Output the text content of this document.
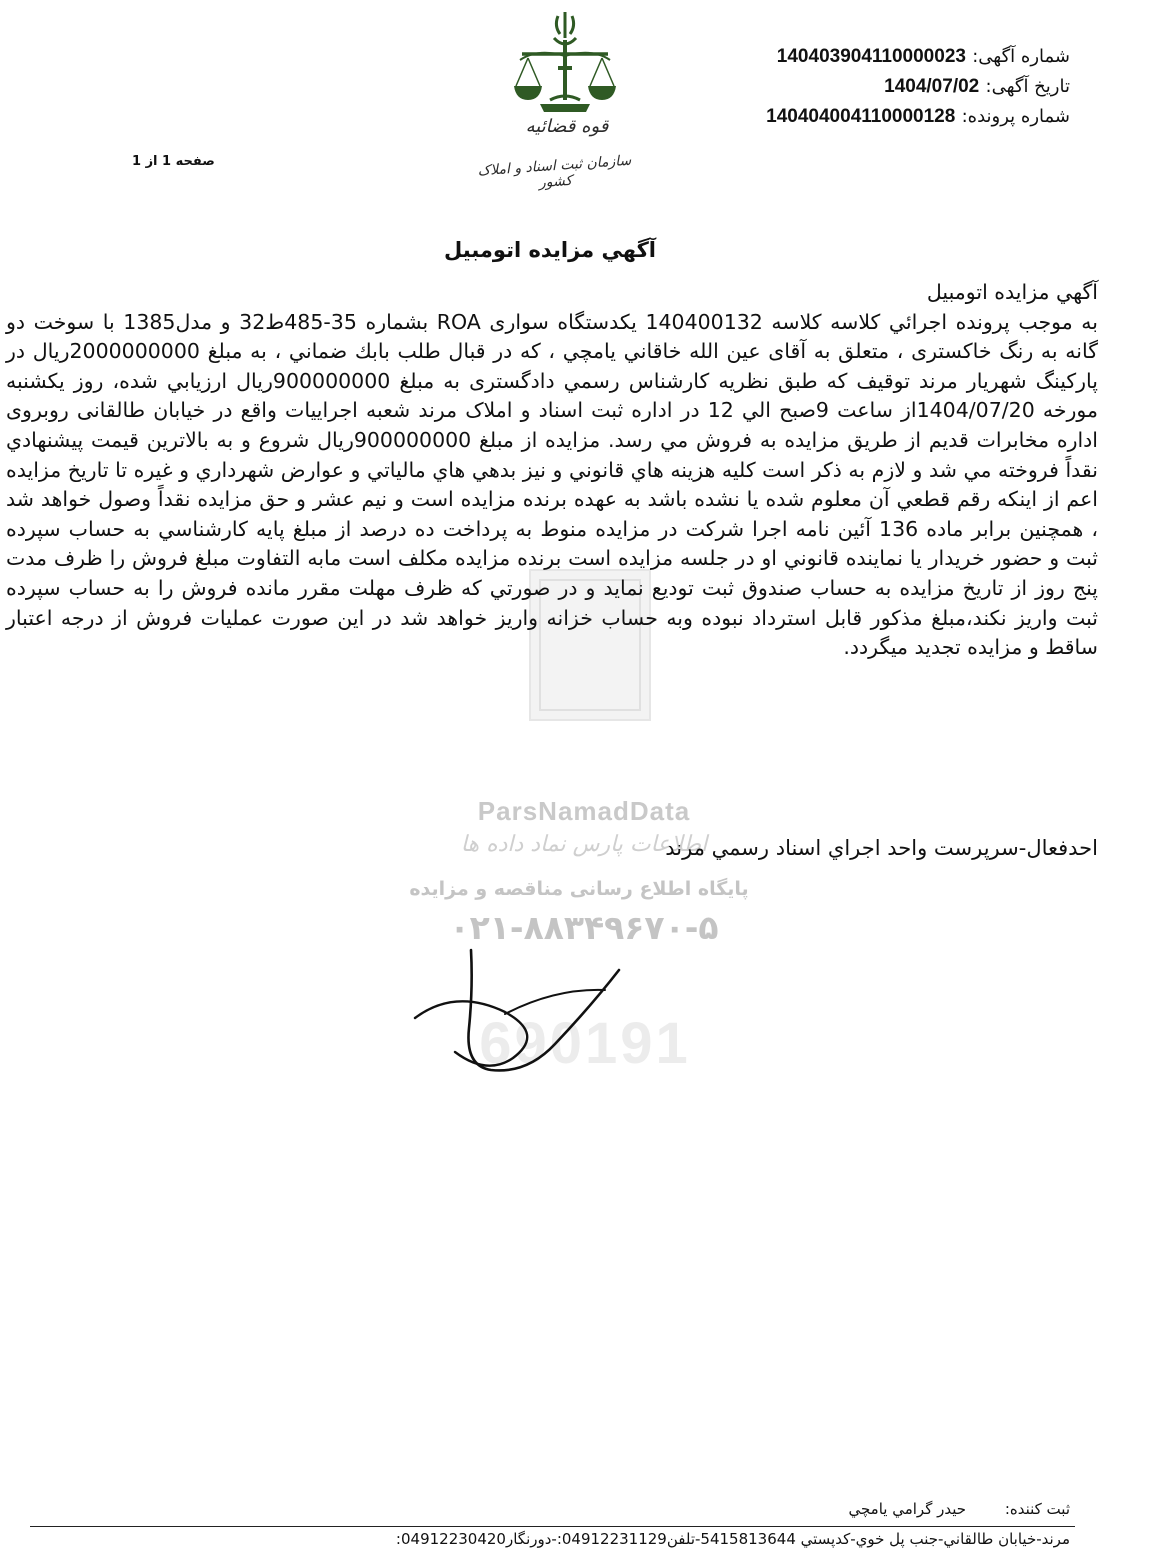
شماره آگهی: 140403904110000023
تاریخ آگهی: 1404/07/02
شماره پرونده: 140404004110000128
صفحه 1 از 1
قوه قضائیه
سازمان ثبت اسناد و املاک کشور
690191
ParsNamadData
اطلاعات پارس نماد داده ها
پایگاه اطلاع رسانی مناقصه و مزایده
۰۲۱-۸۸۳۴۹۶۷۰-۵
آگهي مزايده اتومبيل
آگهي مزايده اتومبيل
به موجب پرونده اجرائي كلاسه كلاسه 140400132 يكدستگاه سواری ROA بشماره 35-485ط32 و مدل1385 با سوخت دو گانه به رنگ خاكستری ، متعلق به آقای عين الله خاقاني يامچي ، كه در قبال طلب بابك ضماني ، به مبلغ 2000000000ريال در پاركينگ شهريار مرند توقيف كه طبق نظريه كارشناس رسمي دادگستری به مبلغ 900000000ريال ارزيابي شده، روز يكشنبه مورخه 1404/07/20از ساعت 9صبح الي 12 در اداره ثبت اسناد و املاک مرند شعبه اجراييات واقع در خيابان طالقانی روبروی اداره مخابرات قديم از طريق مزايده به فروش مي رسد. مزايده از مبلغ 900000000ريال شروع و به بالاترين قيمت پيشنهادي نقداً فروخته مي شد و لازم به ذكر است كليه هزينه هاي قانوني و نيز بدهي هاي مالياتي و عوارض شهرداري و غيره تا تاريخ مزايده اعم از اينكه رقم قطعي آن معلوم شده يا نشده باشد به عهده برنده مزايده است و نيم عشر و حق مزايده نقداً وصول خواهد شد ، همچنين برابر ماده 136 آئين نامه اجرا شركت در مزايده منوط به پرداخت ده درصد از مبلغ پايه كارشناسي به حساب سپرده ثبت و حضور خريدار يا نماينده قانوني او در جلسه مزايده است برنده مزايده مكلف است مابه التفاوت مبلغ فروش را ظرف مدت پنج روز از تاريخ مزايده به حساب صندوق ثبت توديع نمايد و در صورتي كه ظرف مهلت مقرر مانده فروش را به حساب سپرده ثبت واريز نكند،مبلغ مذكور قابل استرداد نبوده وبه حساب خزانه واريز خواهد شد در اين صورت عمليات فروش از درجه اعتبار ساقط و مزايده تجديد ميگردد.
احدفعال-سرپرست واحد اجراي اسناد رسمي مرند
ثبت كننده: حيدر گرامي يامچي
مرند-خيابان طالقاني-جنب پل خوي-كدپستي 5415813644-تلفن04912231129:-دورنگار04912230420:
